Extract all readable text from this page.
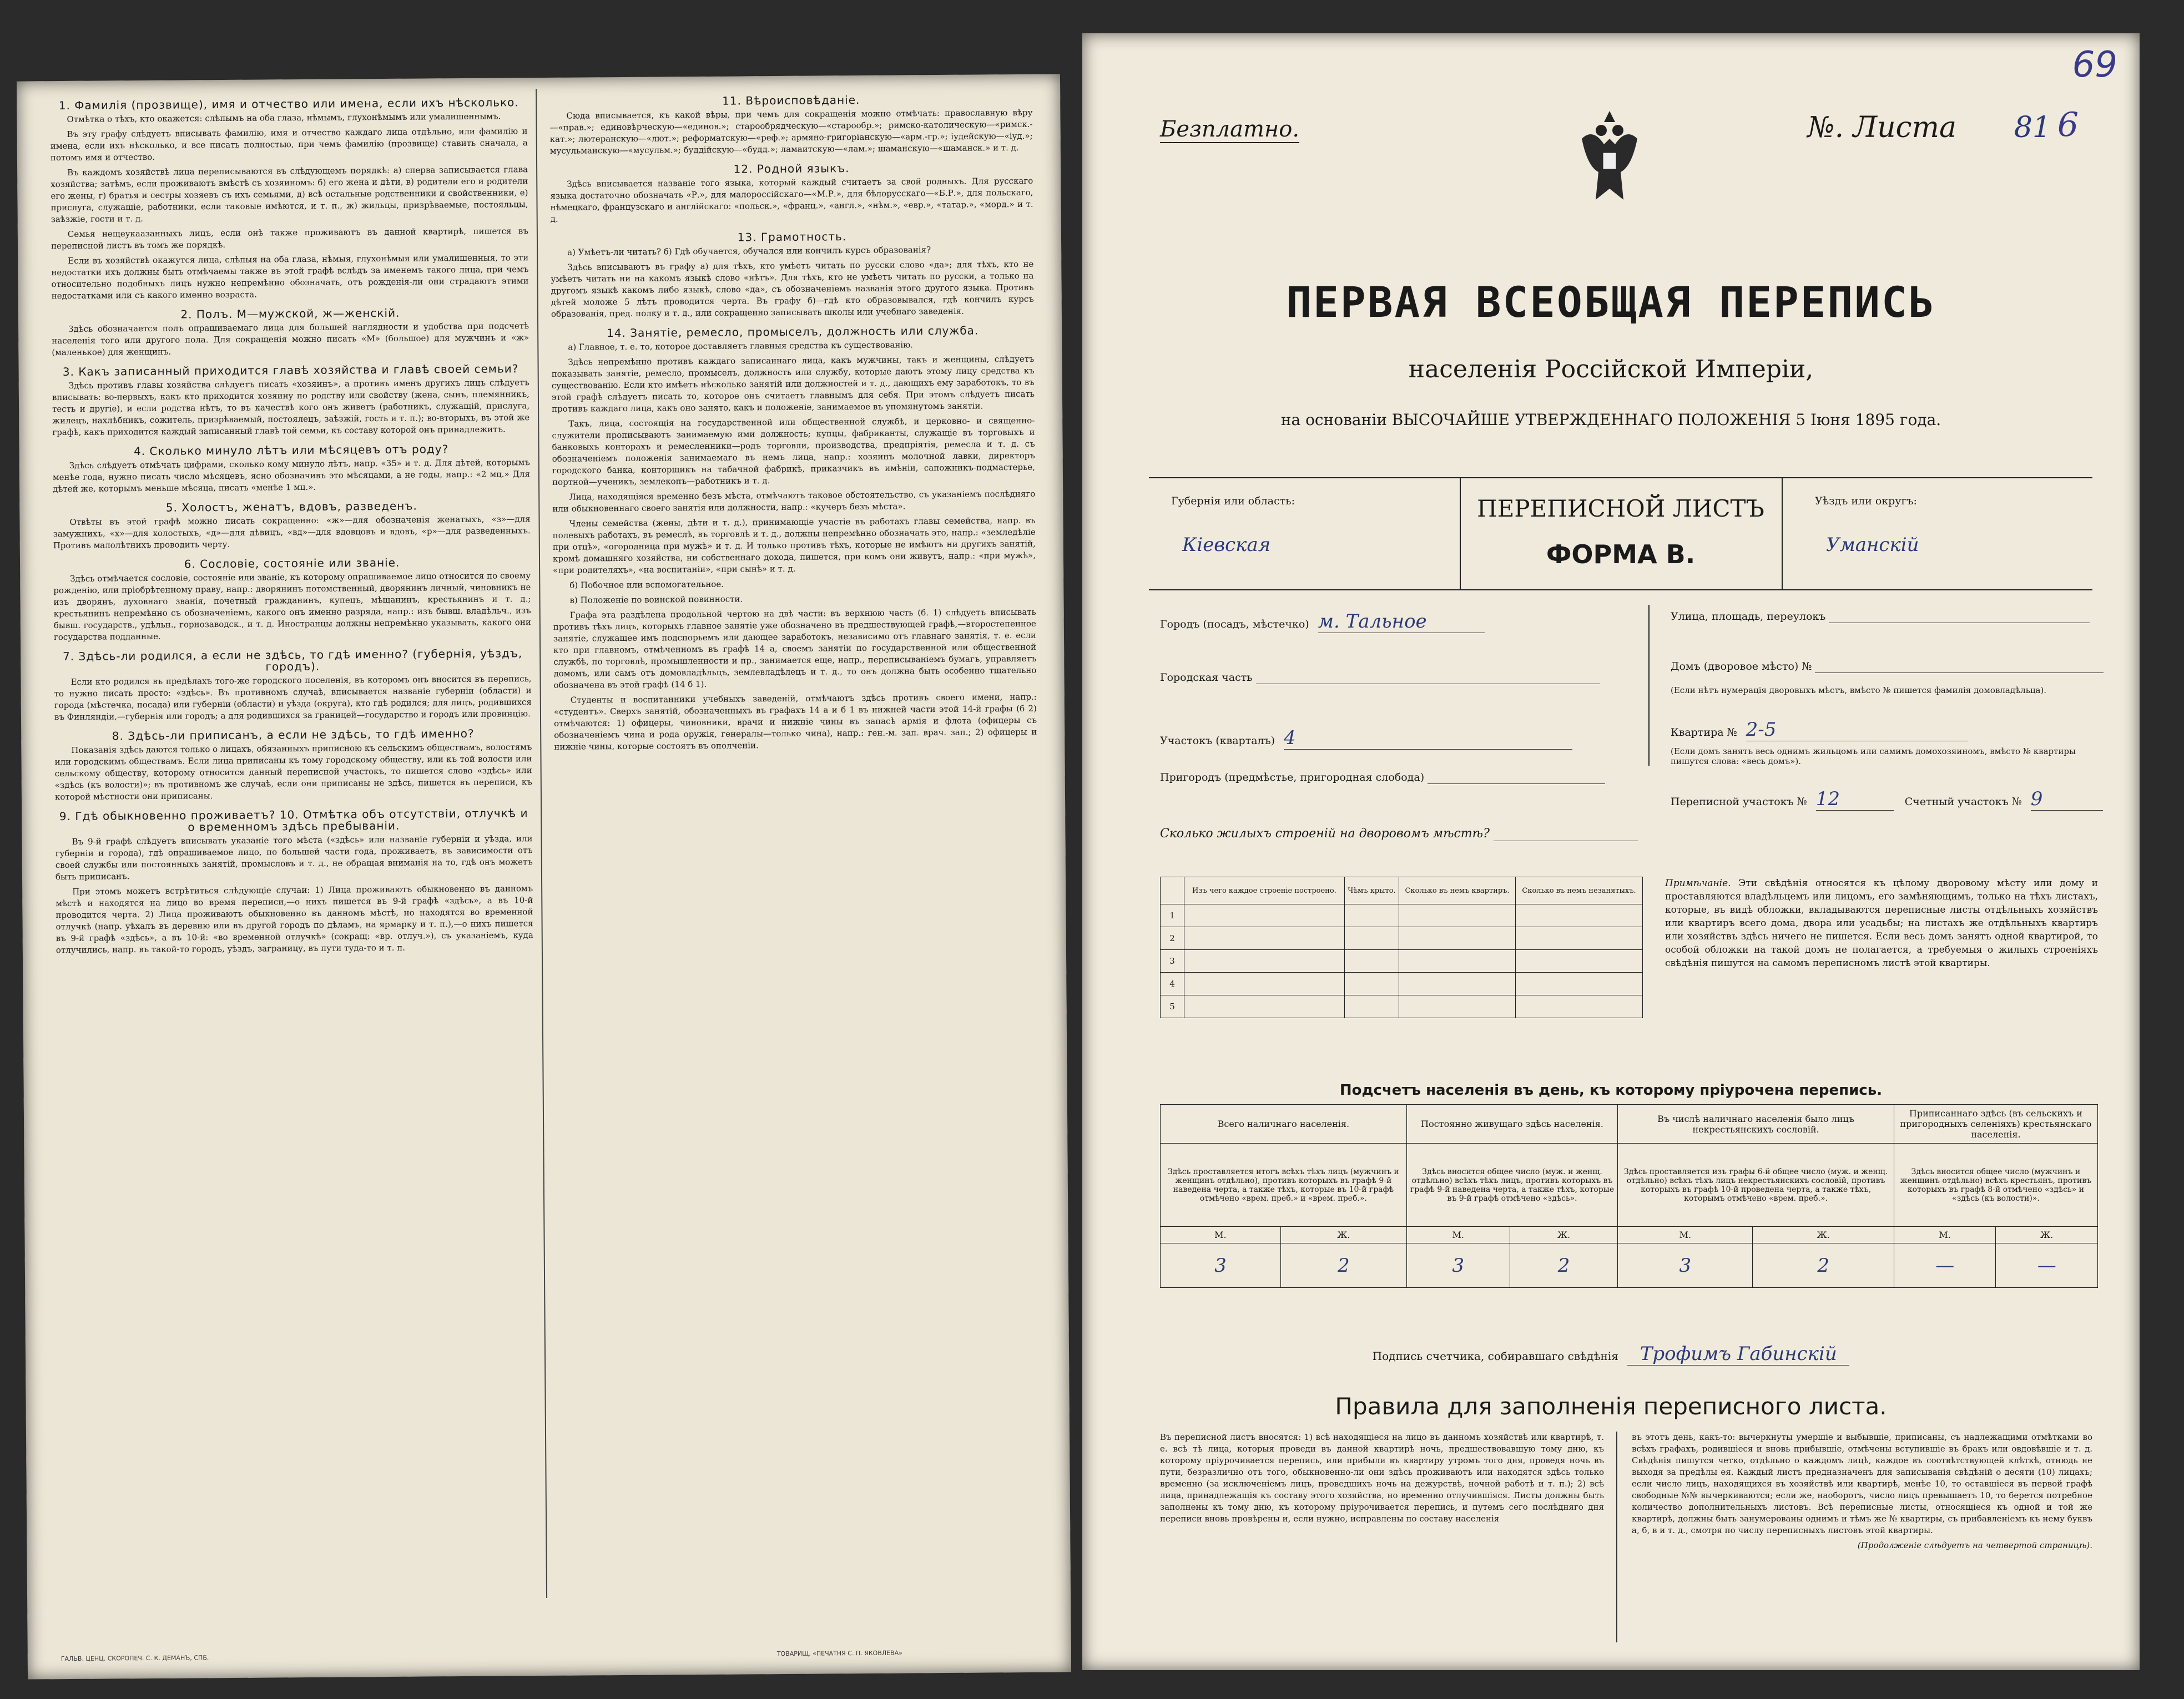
1. Фамилія (прозвище), имя и отчество или имена, если ихъ нѣсколько.

Отмѣтка о тѣхъ, кто окажется: слѣпымъ на оба глаза, нѣмымъ, глухонѣмымъ или умалишеннымъ.

Въ эту графу слѣдуетъ вписывать фамилію, имя и отчество каждаго лица отдѣльно, или фамилію и имена, если ихъ нѣсколько, и все писать полностью, при чемъ фамилію (прозвище) ставить сначала, а потомъ имя и отчество.

Въ каждомъ хозяйствѣ лица переписываются въ слѣдующемъ порядкѣ: а) сперва записывается глава хозяйства; затѣмъ, если проживаютъ вмѣстѣ съ хозяиномъ: б) его жена и дѣти, в) родители его и родители его жены, г) братья и сестры хозяевъ съ ихъ семьями, д) всѣ остальные родственники и свойственники, е) прислуга, служащіе, работники, если таковые имѣются, и т. п., ж) жильцы, призрѣваемые, постояльцы, заѣзжіе, гости и т. д.

Семья нещеукаазанныхъ лицъ, если онѣ также проживаютъ въ данной квартирѣ, пишется въ переписной листъ въ томъ же порядкѣ.

Если въ хозяйствѣ окажутся лица, слѣпыя на оба глаза, нѣмыя, глухонѣмыя или умалишенныя, то эти недостатки ихъ должны быть отмѣчаемы также въ этой графѣ вслѣдъ за именемъ такого лица, при чемъ относительно подобныхъ лицъ нужно непремѣнно обозначать, отъ рожденія-ли они страдаютъ этими недостатками или съ какого именно возраста.

2. Полъ. М—мужской, ж—женскій.

Здѣсь обозначается полъ опрашиваемаго лица для большей наглядности и удобства при подсчетѣ населенія того или другого пола. Для сокращенія можно писать «М» (большое) для мужчинъ и «ж» (маленькое) для женщинъ.

3. Какъ записанный приходится главѣ хозяйства и главѣ своей семьи?

Здѣсь противъ главы хозяйства слѣдуетъ писать «хозяинъ», а противъ именъ другихъ лицъ слѣдуетъ вписывать: во-первыхъ, какъ кто приходится хозяину по родству или свойству (жена, сынъ, племянникъ, тесть и другіе), и если родства нѣтъ, то въ качествѣ кого онъ живетъ (работникъ, служащій, прислуга, жилецъ, нахлѣбникъ, сожитель, призрѣваемый, постоялецъ, заѣзжій, гость и т. п.); во-вторыхъ, въ этой же графѣ, какъ приходится каждый записанный главѣ той семьи, къ составу которой онъ принадлежитъ.

4. Сколько минуло лѣтъ или мѣсяцевъ отъ роду?

Здѣсь слѣдуетъ отмѣчать цифрами, сколько кому минуло лѣтъ, напр. «35» и т. д. Для дѣтей, которымъ менѣе года, нужно писать число мѣсяцевъ, ясно обозначивъ это мѣсяцами, а не годы, напр.: «2 мц.» Для дѣтей же, которымъ меньше мѣсяца, писать «менѣе 1 мц.».

5. Холостъ, женатъ, вдовъ, разведенъ.

Отвѣты въ этой графѣ можно писать сокращенно: «ж»—для обозначенія женатыхъ, «з»—для замужнихъ, «х»—для холостыхъ, «д»—для дѣвицъ, «вд»—для вдовцовъ и вдовъ, «р»—для разведенныхъ. Противъ малолѣтнихъ проводить черту.

6. Сословіе, состояніе или званіе.

Здѣсь отмѣчается сословіе, состояніе или званіе, къ которому опрашиваемое лицо относится по своему рожденію, или пріобрѣтенному праву, напр.: дворянинъ потомственный, дворянинъ личный, чиновникъ не изъ дворянъ, духовнаго званія, почетный гражданинъ, купецъ, мѣщанинъ, крестьянинъ и т. д.; крестьянинъ непремѣнно съ обозначеніемъ, какого онъ именно разряда, напр.: изъ бывш. владѣльч., изъ бывш. государств., удѣльн., горнозаводск., и т. д. Иностранцы должны непремѣнно указывать, какого они государства подданные.

7. Здѣсь-ли родился, а если не здѣсь, то гдѣ именно? (губернія, уѣздъ, городъ).

Если кто родился въ предѣлахъ того-же городского поселенія, въ которомъ онъ вносится въ перепись, то нужно писать просто: «здѣсь». Въ противномъ случаѣ, вписывается названіе губерніи (области) и города (мѣстечка, посада) или губерніи (области) и уѣзда (округа), кто гдѣ родился; для лицъ, родившихся въ Финляндіи,—губернія или городъ; а для родившихся за границей—государство и городъ или провинцію.

8. Здѣсь-ли приписанъ, а если не здѣсь, то гдѣ именно?

Показанія здѣсь даются только о лицахъ, обязанныхъ приписною къ сельскимъ обществамъ, волостямъ или городскимъ обществамъ. Если лица приписаны къ тому городскому обществу, или къ той волости или сельскому обществу, которому относится данный переписной участокъ, то пишется слово «здѣсь» или «здѣсь (къ волости)»; въ противномъ же случаѣ, если они приписаны не здѣсь, пишется въ переписи, къ которой мѣстности они приписаны.

9. Гдѣ обыкновенно проживаетъ? 10. Отмѣтка объ отсутствіи, отлучкѣ и о временномъ здѣсь пребываніи.

Въ 9-й графѣ слѣдуетъ вписывать указаніе того мѣста («здѣсь» или названіе губерніи и уѣзда, или губерніи и города), гдѣ опрашиваемое лицо, по большей части года, проживаетъ, въ зависимости отъ своей службы или постоянныхъ занятій, промысловъ и т. д., не обращая вниманія на то, гдѣ онъ можетъ быть приписанъ.

При этомъ можетъ встрѣтиться слѣдующіе случаи: 1) Лица проживаютъ обыкновенно въ данномъ мѣстѣ и находятся на лицо во время переписи,—о нихъ пишется въ 9-й графѣ «здѣсь», а въ 10-й проводится черта. 2) Лица проживаютъ обыкновенно въ данномъ мѣстѣ, но находятся во временной отлучкѣ (напр. уѣхалъ въ деревню или въ другой городъ по дѣламъ, на ярмарку и т. п.),—о нихъ пишется въ 9-й графѣ «здѣсь», а въ 10-й: «во временной отлучкѣ» (сокращ: «вр. отлуч.»), съ указаніемъ, куда отлучились, напр. въ такой-то городъ, уѣздъ, заграницу, въ пути туда-то и т. п.

11. Вѣроисповѣданіе.

Сюда вписывается, къ какой вѣры, при чемъ для сокращенія можно отмѣчать: православную вѣру—«прав.»; единовѣрческую—«единов.»; старообрядческую—«старообр.»; римско-католическую—«римск.-кат.»; лютеранскую—«лют.»; реформатскую—«реф.»; армяно-григоріанскую—«арм.-гр.»; іудейскую—«іуд.»; мусульманскую—«мусульм.»; буддійскую—«будд.»; ламаитскую—«лам.»; шаманскую—«шаманск.» и т. д.

12. Родной языкъ.

Здѣсь вписывается названіе того языка, который каждый считаетъ за свой родныхъ. Для русскаго языка достаточно обозначать «Р.», для малороссійскаго—«М.Р.», для бѣлорусскаго—«Б.Р.», для польскаго, нѣмецкаго, французскаго и англійскаго: «польск.», «франц.», «англ.», «нѣм.», «евр.», «татар.», «морд.» и т. д.

13. Грамотность.

а) Умѣетъ-ли читать? б) Гдѣ обучается, обучался или кончилъ курсъ образованія?

Здѣсь вписываютъ въ графу а) для тѣхъ, кто умѣетъ читать по русски слово «да»; для тѣхъ, кто не умѣетъ читать ни на какомъ языкѣ слово «нѣтъ». Для тѣхъ, кто не умѣетъ читать по русски, а только на другомъ языкѣ какомъ либо языкѣ, слово «да», съ обозначеніемъ названія этого другого языка. Противъ дѣтей моложе 5 лѣтъ проводится черта. Въ графу б)—гдѣ кто образовывался, гдѣ кончилъ курсъ образованія, пред. полку и т. д., или сокращенно записывать школы или учебнаго заведенія.

14. Занятіе, ремесло, промыселъ, должность или служба.

а) Главное, т. е. то, которое доставляетъ главныя средства къ существованію.

Здѣсь непремѣнно противъ каждаго записаннаго лица, какъ мужчины, такъ и женщины, слѣдуетъ показывать занятіе, ремесло, промыселъ, должность или службу, которые даютъ этому лицу средства къ существованію. Если кто имѣетъ нѣсколько занятій или должностей и т. д., дающихъ ему заработокъ, то въ этой графѣ слѣдуетъ писать то, которое онъ считаетъ главнымъ для себя. При этомъ слѣдуетъ писать противъ каждаго лица, какъ оно занято, какъ и положеніе, занимаемое въ упомянутомъ занятіи.

Такъ, лица, состоящія на государственной или общественной службѣ, и церковно- и священно-служители прописываютъ занимаемую ими должность; купцы, фабриканты, служащіе въ торговыхъ и банковыхъ конторахъ и ремесленники—родъ торговли, производства, предпріятія, ремесла и т. д. съ обозначеніемъ положенія занимаемаго въ немъ лица, напр.: хозяинъ молочной лавки, директоръ городского банка, конторщикъ на табачной фабрикѣ, приказчикъ въ имѣніи, сапожникъ-подмастерье, портной—ученикъ, землекопъ—работникъ и т. д.

Лица, находящіяся временно безъ мѣста, отмѣчаютъ таковое обстоятельство, съ указаніемъ послѣдняго или обыкновеннаго своего занятія или должности, напр.: «кучеръ безъ мѣста».

Члены семейства (жены, дѣти и т. д.), принимающіе участіе въ работахъ главы семейства, напр. въ полевыхъ работахъ, въ ремеслѣ, въ торговлѣ и т. д., должны непремѣнно обозначать это, напр.: «земледѣліе при отцѣ», «огородница при мужѣ» и т. д. И только противъ тѣхъ, которые не имѣютъ ни другихъ занятій, кромѣ домашняго хозяйства, ни собственнаго дохода, пишется, при комъ они живутъ, напр.: «при мужѣ», «при родителяхъ», «на воспитаніи», «при сынѣ» и т. д.

б) Побочное или вспомогательное.

в) Положеніе по воинской повинности.

Графа эта раздѣлена продольной чертою на двѣ части: въ верхнюю часть (б. 1) слѣдуетъ вписывать противъ тѣхъ лицъ, которыхъ главное занятіе уже обозначено въ предшествующей графѣ,—второстепенное занятіе, служащее имъ подспорьемъ или дающее заработокъ, независимо отъ главнаго занятія, т. е. если кто при главномъ, отмѣченномъ въ графѣ 14 а, своемъ занятіи по государственной или общественной службѣ, по торговлѣ, промышленности и пр., занимается еще, напр., переписываніемъ бумагъ, управляетъ домомъ, или самъ отъ домовладѣльцъ, землевладѣлецъ и т. д., то онъ должна быть особенно тщательно обозначена въ этой графѣ (14 б 1).

Студенты и воспитанники учебныхъ заведеній, отмѣчаютъ здѣсь противъ своего имени, напр.: «студентъ». Сверхъ занятій, обозначенныхъ въ графахъ 14 а и б 1 въ нижней части этой 14-й графы (б 2) отмѣчаются: 1) офицеры, чиновники, врачи и нижніе чины въ запасѣ армія и флота (офицеры съ обозначеніемъ чина и рода оружія, генералы—только чина), напр.: ген.-м. зап. врач. зап.; 2) офицеры и нижніе чины, которые состоятъ въ ополченіи.

ГАЛЬВ. ЦЕНЦ. СКОРОПЕЧ. С. К. ДЕМАНЪ, СПБ.
ТОВАРИЩ. «ПЕЧАТНЯ С. П. ЯКОВЛЕВА»
Безплатно.	№. Листа 81
69
6
ПЕРВАЯ ВСЕОБЩАЯ ПЕРЕПИСЬ
населенія Россійской Имперіи,
на основаніи ВЫСОЧАЙШЕ УТВЕРЖДЕННАГО ПОЛОЖЕНІЯ 5 Іюня 1895 года.
Губернія или область:
Кіевская
ПЕРЕПИСНОЙ ЛИСТЪ
ФОРМА В.
Уѣздъ или округъ:
Уманскій
Городъ (посадъ, мѣстечко) м. Тальное	Улица, площадь, переулокъ
Городская часть
Домъ (дворовое мѣсто) №
(Если нѣтъ нумерація дворовыхъ мѣстъ, вмѣсто № пишется фамилія домовладѣльца).
Участокъ (кварталъ) 4	Квартира № 2-5
(Если домъ занятъ весь однимъ жильцомъ или самимъ домохозяиномъ, вмѣсто № квартиры пишутся слова: «весь домъ»).
Пригородъ (предмѣстье, пригородная слобода)
Переписной участокъ № 12	Счетный участокъ № 9
Сколько жилыхъ строеній на дворовомъ мѣстѣ?
	Изъ чего каждое строеніе построено.	Чѣмъ крыто.	Сколько въ немъ квартиръ.	Сколько въ немъ незанятыхъ.
1				
2				
3				
4				
5				
Примѣчаніе. Эти свѣдѣнія относятся къ цѣлому дворовому мѣсту или дому и проставляются владѣльцемъ или лицомъ, его замѣняющимъ, только на тѣхъ листахъ, которые, въ видѣ обложки, вкладываются переписные листы отдѣльныхъ хозяйствъ или квартиръ всего дома, двора или усадьбы; на листахъ же отдѣльныхъ квартиръ или хозяйствъ здѣсь ничего не пишется. Если весь домъ занятъ одной квартирой, то особой обложки на такой домъ не полагается, а требуемыя о жилыхъ строеніяхъ свѣдѣнія пишутся на самомъ переписномъ листѣ этой квартиры.
Подсчетъ населенія въ день, къ которому пріурочена перепись.
Всего наличнаго населенія.		Постоянно живущаго здѣсь населенія.		Въ числѣ наличнаго населенія было лицъ некрестьянскихъ сословій.		Приписаннаго здѣсь (въ сельскихъ и пригородныхъ селеніяхъ) крестьянскаго населенія.	
Здѣсь проставляется итогъ всѣхъ тѣхъ лицъ (мужчинъ и женщинъ отдѣльно), противъ которыхъ въ графѣ 9-й наведена черта, а также тѣхъ, которые въ 10-й графѣ отмѣчено «врем. преб.» и «врем. преб.».		Здѣсь вносится общее число (муж. и женщ. отдѣльно) всѣхъ тѣхъ лицъ, противъ которыхъ въ графѣ 9-й наведена черта, а также тѣхъ, которые въ 9-й графѣ отмѣчено «здѣсь».		Здѣсь проставляется изъ графы 6-й общее число (муж. и женщ. отдѣльно) всѣхъ тѣхъ лицъ некрестьянскихъ сословій, противъ которыхъ въ графѣ 10-й проведена черта, а также тѣхъ, которымъ отмѣчено «врем. преб.».		Здѣсь вносится общее число (мужчинъ и женщинъ отдѣльно) всѣхъ крестьянъ, противъ которыхъ въ графѣ 8-й отмѣчено «здѣсь» и «здѣсь (къ волости)».	
М.	Ж.	М.	Ж.	М.	Ж.	М.	Ж.
3	2	3	2	3	2	—	—
Подпись счетчика, собиравшаго свѣдѣнія Трофимъ Габинскій
Правила для заполненія переписного листа.
Въ переписной листъ вносятся: 1) всѣ находящіеся на лицо въ данномъ хозяйствѣ или квартирѣ, т. е. всѣ тѣ лица, которыя проведи въ данной квартирѣ ночь, предшествовавшую тому дню, къ которому пріурочивается перепись, или прибыли въ квартиру утромъ того дня, проведя ночь въ пути, безразлично отъ того, обыкновенно-ли они здѣсь проживаютъ или находятся здѣсь только временно (за исключеніемъ лицъ, проведшихъ ночь на дежурствѣ, ночной работѣ и т. п.); 2) всѣ лица, принадлежащія къ составу этого хозяйства, но временно отлучившіяся. Листы должны быть заполнены къ тому дню, къ которому пріурочивается перепись, и путемъ сего послѣдняго дня переписи вновь провѣрены и, если нужно, исправлены по составу населенія
въ этотъ день, какъ-то: вычеркнуты умершіе и выбывшіе, приписаны, съ надлежащими отмѣтками во всѣхъ графахъ, родившіеся и вновь прибывшіе, отмѣчены вступившіе въ бракъ или овдовѣвшіе и т. д. Свѣдѣнія пишутся четко, отдѣльно о каждомъ лицѣ, каждое въ соотвѣтствующей клѣткѣ, отнюдь не выходя за предѣлы ея. Каждый листъ предназначенъ для записыванія свѣдѣній о десяти (10) лицахъ; если число лицъ, находящихся въ хозяйствѣ или квартирѣ, менѣе 10, то оставшіеся въ первой графѣ свободные №№ вычеркиваются; если же, наоборотъ, число лицъ превышаетъ 10, то берется потребное количество дополнительныхъ листовъ. Всѣ переписные листы, относящіеся къ одной и той же квартирѣ, должны быть занумерованы однимъ и тѣмъ же № квартиры, съ прибавленіемъ къ нему буквъ а, б, в и т. д., смотря по числу переписныхъ листовъ этой квартиры.
(Продолженіе слѣдуетъ на четвертой страницѣ).
